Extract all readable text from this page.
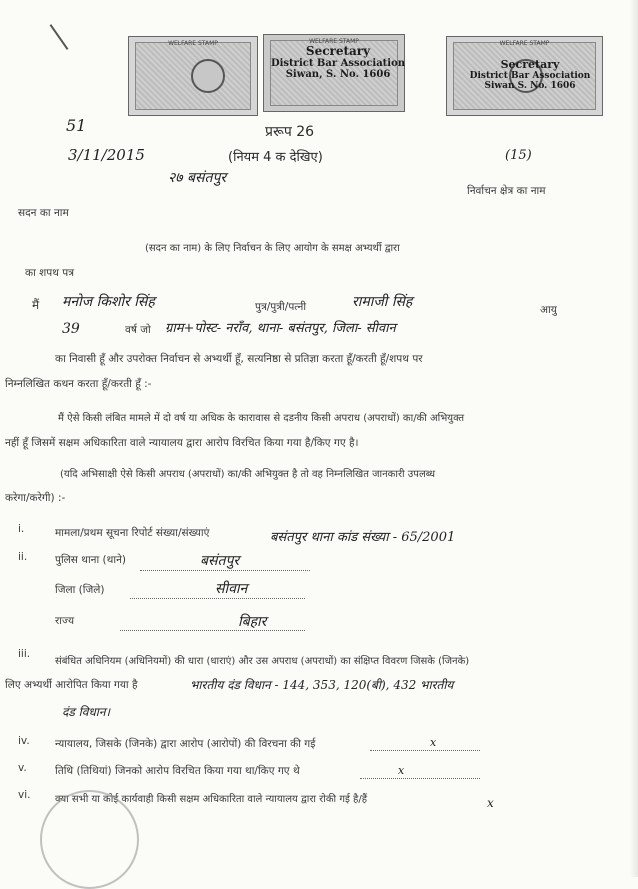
WELFARE STAMP	WELFARE STAMP	WELFARE STAMP
Secretary
District Bar Association
Siwan, S. No. 1606
Secretary
District Bar Association
Siwan S. No. 1606
51
3/11/2015	(15)
प्ररूप 26
(नियम 4 क देखिए)
२७ बसंतपुर
निर्वाचन क्षेत्र का नाम
सदन का नाम
(सदन का नाम) के लिए निर्वाचन के लिए आयोग के समक्ष अभ्यर्थी द्वारा
का शपथ पत्र
मैं मनोज किशोर सिंह	पुत्र/पुत्री/पत्नी	रामाजी सिंह	आयु
39	वर्ष जो ग्राम+पोस्ट- नराँव, थाना- बसंतपुर, जिला- सीवान
का निवासी हूँ और उपरोक्त निर्वाचन से अभ्यर्थी हूँ, सत्यनिष्ठा से प्रतिज्ञा करता हूँ/करती हूँ/शपथ पर
निम्नलिखित कथन करता हूँ/करती हूँ :-
मैं ऐसे किसी लंबित मामले में दो वर्ष या अधिक के कारावास से दडनीय किसी अपराध (अपराधों) का/की अभियुक्त
नहीं हूँ जिसमें सक्षम अधिकारिता वाले न्यायालय द्वारा आरोप विरचित किया गया है/किए गए है।
(यदि अभिसाक्षी ऐसे किसी अपराध (अपराधों) का/की अभियुक्त है तो वह निम्नलिखित जानकारी उपलब्ध
करेगा/करेगी) :-
i.	मामला/प्रथम सूचना रिपोर्ट संख्या/संख्याएं	बसंतपुर थाना कांड संख्या - 65/2001
ii.	पुलिस थाना (थाने)	बसंतपुर
जिला (जिले)	सीवान
राज्य	बिहार
iii.
संबंधित अधिनियम (अधिनियमों) की धारा (धाराएं) और उस अपराध (अपराधों) का संक्षिप्त विवरण जिसके (जिनके)
लिए अभ्यर्थी आरोपित किया गया है	भारतीय दंड विधान - 144, 353, 120(बी), 432 भारतीय
दंड विधान।
iv. न्यायालय, जिसके (जिनके) द्वारा आरोप (आरोपों) की विरचना की गई	x
v.	तिथि (तिथियां) जिनको आरोप विरचित किया गया था/किए गए थे	x
vi. क्या सभी या कोई कार्यवाही किसी सक्षम अधिकारिता वाले न्यायालय द्वारा रोकी गई है/हैं	x
